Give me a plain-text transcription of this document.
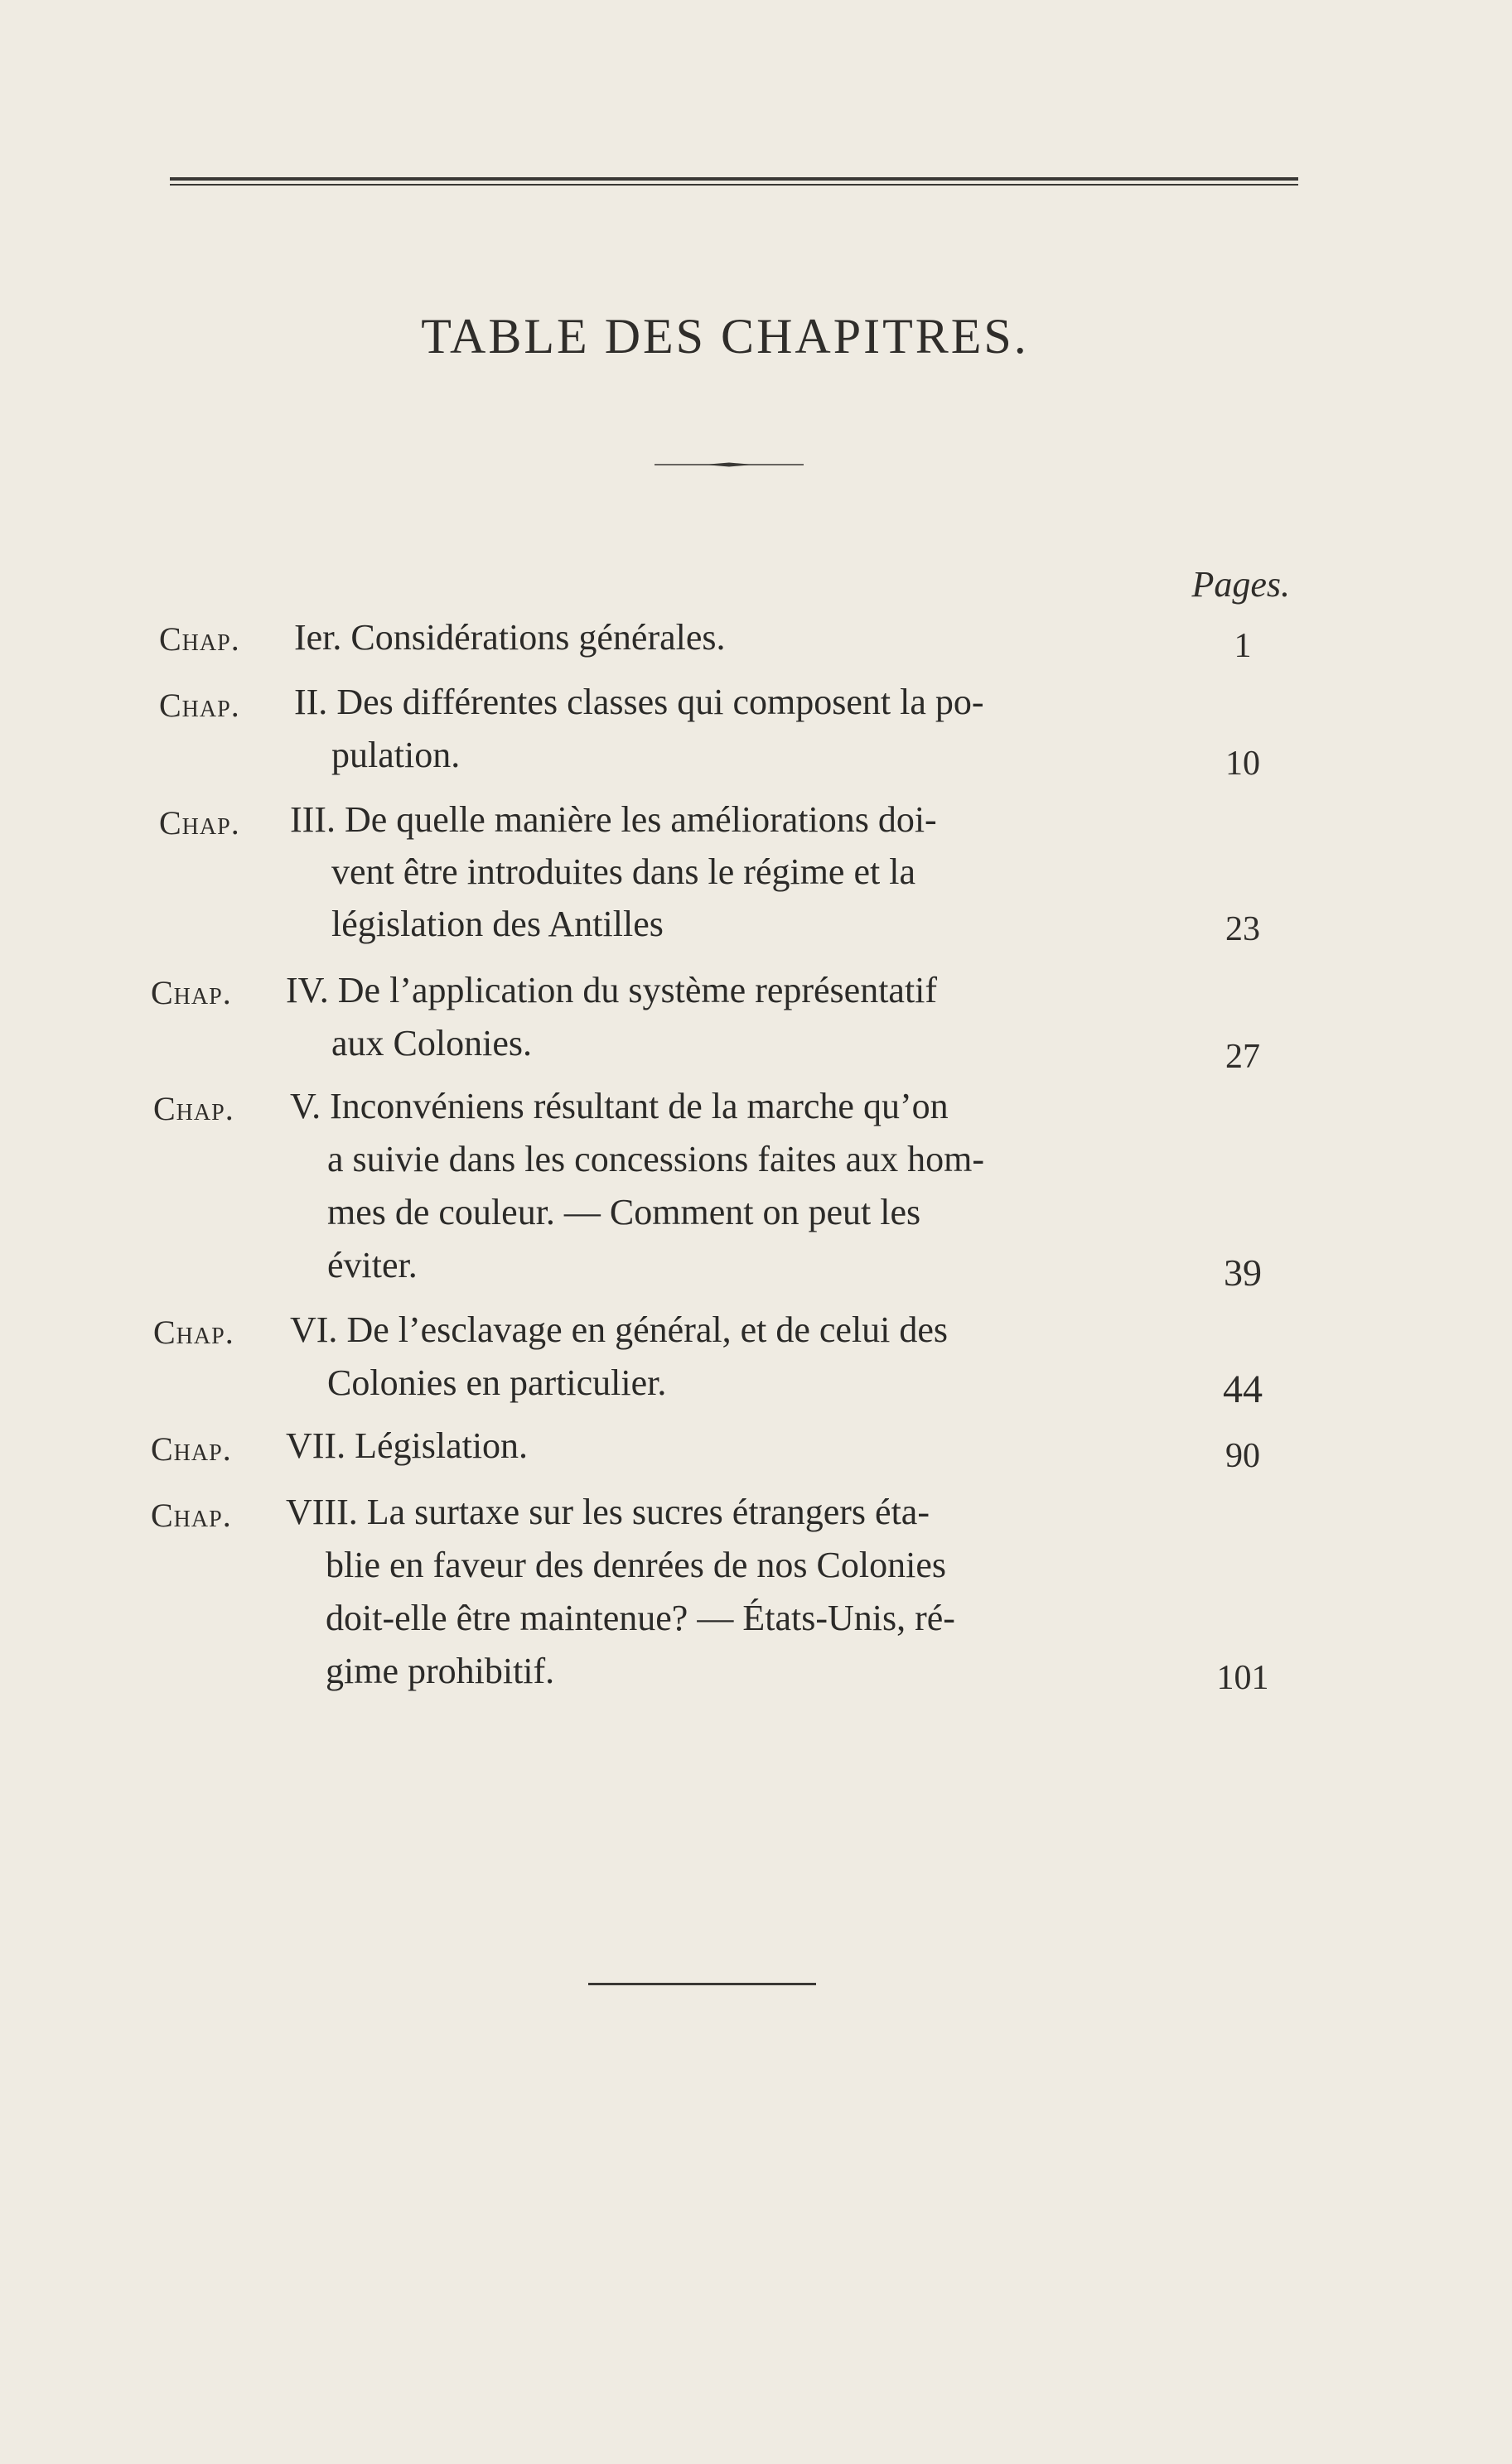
TABLE DES CHAPITRES.
Pages.
Chap. Ier. Considérations générales.	1
Chap. II. Des différentes classes qui composent la po-
pulation.	10
Chap. III. De quelle manière les améliorations doi-
vent être introduites dans le régime et la
législation des Antilles	23
Chap. IV. De l’application du système représentatif
aux Colonies.	27
Chap. V. Inconvéniens résultant de la marche qu’on
a suivie dans les concessions faites aux hom-
mes de couleur. — Comment on peut les
éviter.	39
Chap. VI. De l’esclavage en général, et de celui des
Colonies en particulier.	44
Chap. VII. Législation.	90
Chap. VIII. La surtaxe sur les sucres étrangers éta-
blie en faveur des denrées de nos Colonies
doit-elle être maintenue? — États-Unis, ré-
gime prohibitif.	101
